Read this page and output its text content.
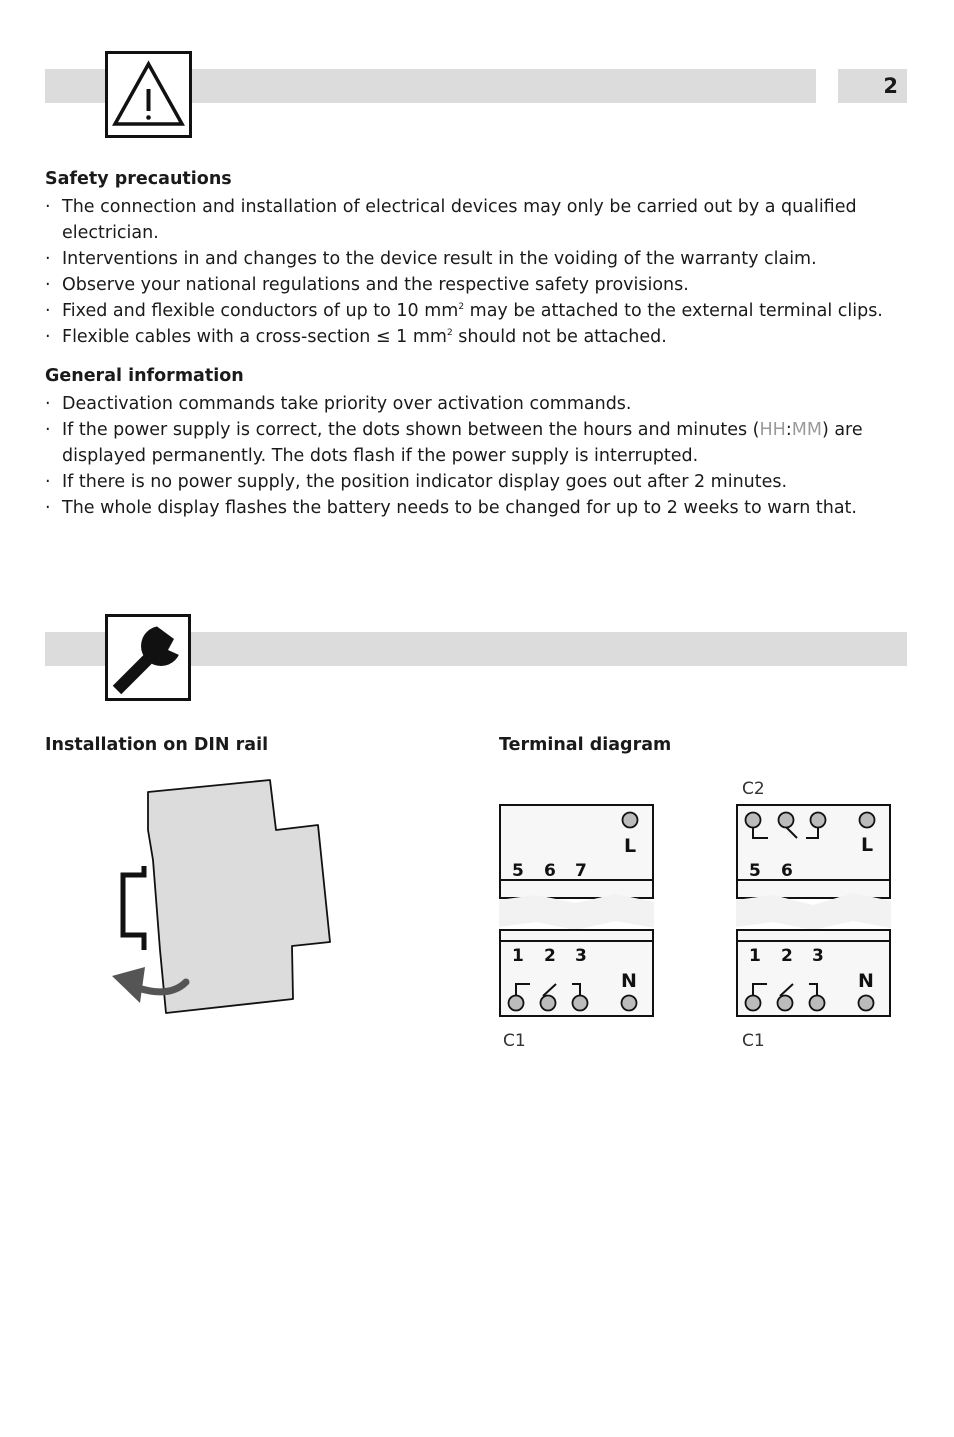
2
Safety precautions
· The connection and installation of electrical devices may only be carried out by a qualified electrician.
· Interventions in and changes to the device result in the voiding of the warranty claim.
· Observe your national regulations and the respective safety provisions.
· Fixed and flexible conductors of up to 10 $mm^2$ may be attached to the external terminal clips.
· Flexible cables with a cross-section ≤ 1 $mm^2$ should not be attached.
General information
· Deactivation commands take priority over activation commands.
· If the power supply is correct, the dots shown between the hours and minutes (HH:MM) are displayed permanently. The dots flash if the power supply is interrupted.
· If there is no power supply, the position indicator display goes out after 2 minutes.
· The whole display flashes the battery needs to be changed for up to 2 weeks to warn that.
Installation on DIN rail	Terminal diagram
L
5 6 7
1 2 3
N
C1
C2
L
5 6
1 2 3
N
C1
